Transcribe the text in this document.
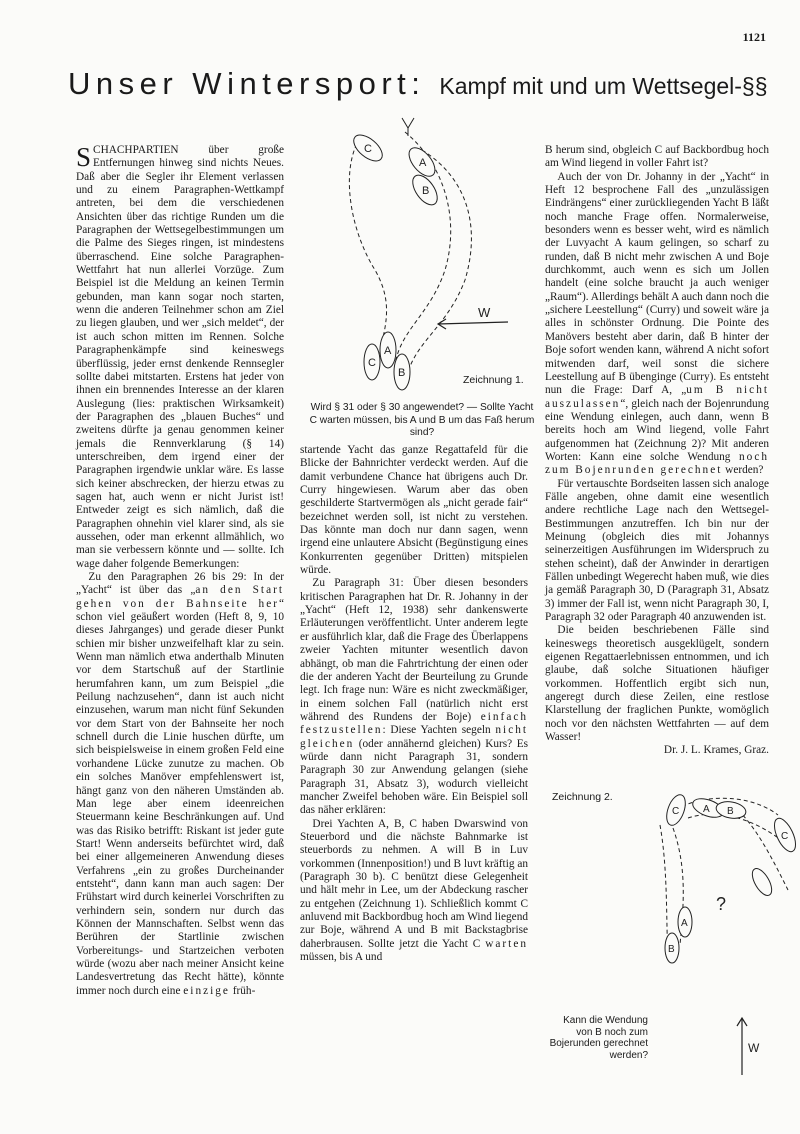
1121
Unser Wintersport: Kampf mit und um Wettsegel-§§

SCHACHPARTIEN über große Entfernungen hinweg sind nichts Neues. Daß aber die Segler ihr Element verlassen und zu einem Paragraphen-Wettkampf antreten, bei dem die verschiedenen Ansichten über das richtige Runden um die Paragraphen der Wettsegelbestimmungen um die Palme des Sieges ringen, ist mindestens überraschend. Eine solche Paragraphen-Wettfahrt hat nun allerlei Vorzüge. Zum Beispiel ist die Meldung an keinen Termin gebunden, man kann sogar noch starten, wenn die anderen Teilnehmer schon am Ziel zu liegen glauben, und wer „sich meldet“, der ist auch schon mitten im Rennen. Solche Paragraphenkämpfe sind keineswegs überflüssig, jeder ernst denkende Rennsegler sollte dabei mitstarten. Erstens hat jeder von ihnen ein brennendes Interesse an der klaren Auslegung (lies: praktischen Wirksamkeit) der Paragraphen des „blauen Buches“ und zweitens dürfte ja genau genommen keiner jemals die Rennverklarung (§ 14) unterschreiben, dem irgend einer der Paragraphen irgendwie unklar wäre. Es lasse sich keiner abschrecken, der hierzu etwas zu sagen hat, auch wenn er nicht Jurist ist! Entweder zeigt es sich nämlich, daß die Paragraphen ohnehin viel klarer sind, als sie aussehen, oder man erkennt allmählich, wo man sie verbessern könnte und — sollte. Ich wage daher folgende Bemerkungen:

Zu den Paragraphen 26 bis 29: In der „Yacht“ ist über das „an den Start gehen von der Bahnseite her“ schon viel geäußert worden (Heft 8, 9, 10 dieses Jahrganges) und gerade dieser Punkt schien mir bisher unzweifelhaft klar zu sein. Wenn man nämlich etwa anderthalb Minuten vor dem Startschuß auf der Startlinie herumfahren kann, um zum Beispiel „die Peilung nachzusehen“, dann ist auch nicht einzusehen, warum man nicht fünf Sekunden vor dem Start von der Bahnseite her noch schnell durch die Linie huschen dürfte, um sich beispielsweise in einem großen Feld eine vorhandene Lücke zunutze zu machen. Ob ein solches Manöver empfehlenswert ist, hängt ganz von den näheren Umständen ab. Man lege aber einem ideenreichen Steuermann keine Beschränkungen auf. Und was das Risiko betrifft: Riskant ist jeder gute Start! Wenn anderseits befürchtet wird, daß bei einer allgemeineren Anwendung dieses Verfahrens „ein zu großes Durcheinander entsteht“, dann kann man auch sagen: Der Frühstart wird durch keinerlei Vorschriften zu verhindern sein, sondern nur durch das Können der Mannschaften. Selbst wenn das Berühren der Startlinie zwischen Vorbereitungs- und Startzeichen verboten würde (wozu aber nach meiner Ansicht keine Landesvertretung das Recht hätte), könnte immer noch durch eine einzige früh-

C
A
B
C
A
B
W
Zeichnung 1.
Wird § 31 oder § 30 angewendet? — Sollte Yacht C warten müssen, bis A und B um das Faß herum sind?

startende Yacht das ganze Regattafeld für die Blicke der Bahnrichter verdeckt werden. Auf die damit verbundene Chance hat übrigens auch Dr. Curry hingewiesen. Warum aber das oben geschilderte Startvermögen als „nicht gerade fair“ bezeichnet werden soll, ist nicht zu verstehen. Das könnte man doch nur dann sagen, wenn irgend eine unlautere Absicht (Begünstigung eines Konkurrenten gegenüber Dritten) mitspielen würde.

Zu Paragraph 31: Über diesen besonders kritischen Paragraphen hat Dr. R. Johanny in der „Yacht“ (Heft 12, 1938) sehr dankenswerte Erläuterungen veröffentlicht. Unter anderem legte er ausführlich klar, daß die Frage des Überlappens zweier Yachten mitunter wesentlich davon abhängt, ob man die Fahrtrichtung der einen oder die der anderen Yacht der Beurteilung zu Grunde legt. Ich frage nun: Wäre es nicht zweckmäßiger, in einem solchen Fall (natürlich nicht erst während des Rundens der Boje) einfach festzustellen: Diese Yachten segeln nicht gleichen (oder annähernd gleichen) Kurs? Es würde dann nicht Paragraph 31, sondern Paragraph 30 zur Anwendung gelangen (siehe Paragraph 31, Absatz 3), wodurch vielleicht mancher Zweifel behoben wäre. Ein Beispiel soll das näher erklären:

Drei Yachten A, B, C haben Dwarswind von Steuerbord und die nächste Bahnmarke ist steuerbords zu nehmen. A will B in Luv vorkommen (Innenposition!) und B luvt kräftig an (Paragraph 30 b). C benützt diese Gelegenheit und hält mehr in Lee, um der Abdeckung rascher zu entgehen (Zeichnung 1). Schließlich kommt C anluvend mit Backbordbug hoch am Wind liegend zur Boje, während A und B mit Backstagbrise daherbrausen. Sollte jetzt die Yacht C warten müssen, bis A und

B herum sind, obgleich C auf Backbordbug hoch am Wind liegend in voller Fahrt ist?

Auch der von Dr. Johanny in der „Yacht“ in Heft 12 besprochene Fall des „unzulässigen Eindrängens“ einer zurückliegenden Yacht B läßt noch manche Frage offen. Normalerweise, besonders wenn es besser weht, wird es nämlich der Luvyacht A kaum gelingen, so scharf zu runden, daß B nicht mehr zwischen A und Boje durchkommt, auch wenn es sich um Jollen handelt (eine solche braucht ja auch weniger „Raum“). Allerdings behält A auch dann noch die „sichere Leestellung“ (Curry) und soweit wäre ja alles in schönster Ordnung. Die Pointe des Manövers besteht aber darin, daß B hinter der Boje sofort wenden kann, während A nicht sofort mitwenden darf, weil sonst die sichere Leestellung auf B übenginge (Curry). Es entsteht nun die Frage: Darf A, „um B nicht auszulassen“, gleich nach der Bojenrundung eine Wendung einlegen, auch dann, wenn B bereits hoch am Wind liegend, volle Fahrt aufgenommen hat (Zeichnung 2)? Mit anderen Worten: Kann eine solche Wendung noch zum Bojenrunden gerechnet werden?

Für vertauschte Bordseiten lassen sich analoge Fälle angeben, ohne damit eine wesentlich andere rechtliche Lage nach den Wettsegel-Bestimmungen anzutreffen. Ich bin nur der Meinung (obgleich dies mit Johannys seinerzeitigen Ausführungen im Widerspruch zu stehen scheint), daß der Anwinder in derartigen Fällen unbedingt Wegerecht haben muß, wie dies ja gemäß Paragraph 30, D (Paragraph 31, Absatz 3) immer der Fall ist, wenn nicht Paragraph 30, I, Paragraph 32 oder Paragraph 40 anzuwenden ist.

Die beiden beschriebenen Fälle sind keineswegs theoretisch ausgeklügelt, sondern eigenen Regattaerlebnissen entnommen, und ich glaube, daß solche Situationen häufiger vorkommen. Hoffentlich ergibt sich nun, angeregt durch diese Zeilen, eine restlose Klarstellung der fraglichen Punkte, womöglich noch vor den nächsten Wettfahrten — auf dem Wasser!

Dr. J. L. Krames, Graz.

C A B
A
B
C
?
W
Zeichnung 2.
Kann die Wendung von B noch zum Bojerunden gerechnet werden?
